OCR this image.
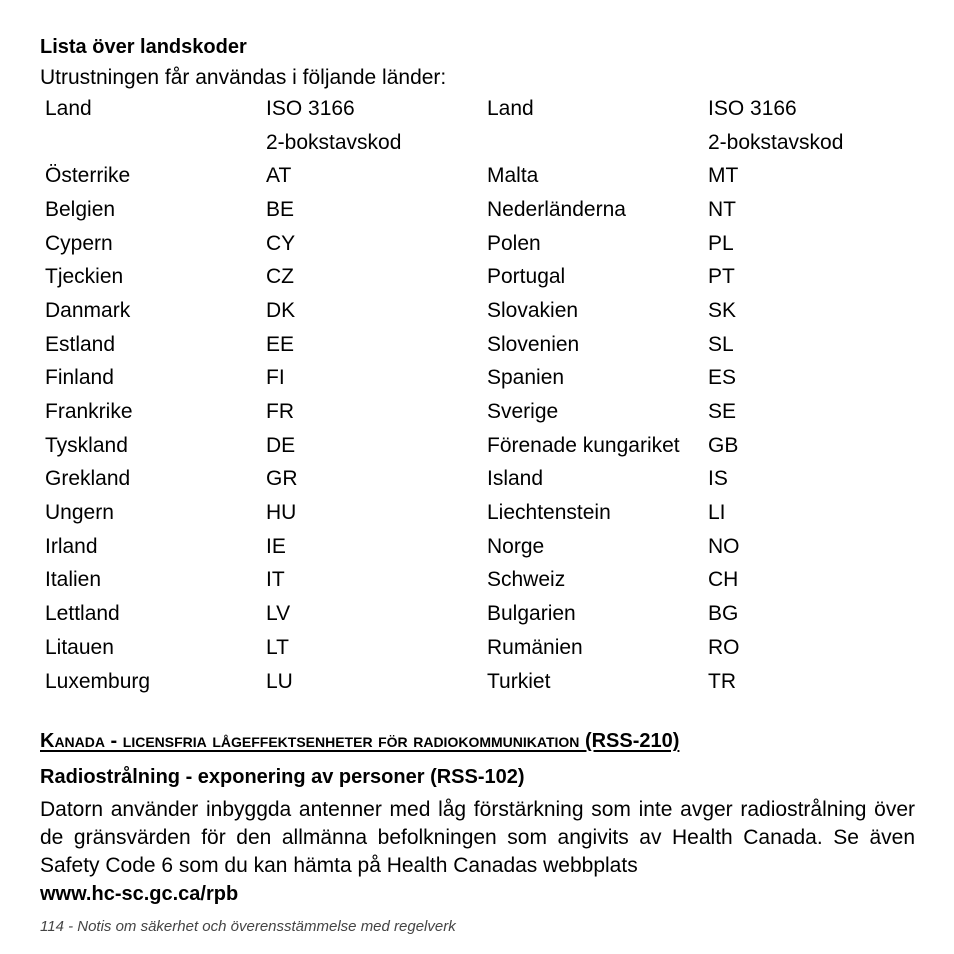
Lista över landskoder
Utrustningen får användas i följande länder:
Land	ISO 3166	Land	ISO 3166
	2-bokstavskod		2-bokstavskod
Österrike	AT	Malta	MT
Belgien	BE	Nederländerna	NT
Cypern	CY	Polen	PL
Tjeckien	CZ	Portugal	PT
Danmark	DK	Slovakien	SK
Estland	EE	Slovenien	SL
Finland	FI	Spanien	ES
Frankrike	FR	Sverige	SE
Tyskland	DE	Förenade kungariket	GB
Grekland	GR	Island	IS
Ungern	HU	Liechtenstein	LI
Irland	IE	Norge	NO
Italien	IT	Schweiz	CH
Lettland	LV	Bulgarien	BG
Litauen	LT	Rumänien	RO
Luxemburg	LU	Turkiet	TR
Kanada - licensfria lågeffektsenheter för radiokommunikation (RSS-210)
Radiostrålning - exponering av personer (RSS-102)
Datorn använder inbyggda antenner med låg förstärkning som inte avger radiostrålning över de gränsvärden för den allmänna befolkningen som angivits av Health Canada. Se även Safety Code 6 som du kan hämta på Health Canadas webbplats
www.hc-sc.gc.ca/rpb
114 - Notis om säkerhet och överensstämmelse med regelverk
